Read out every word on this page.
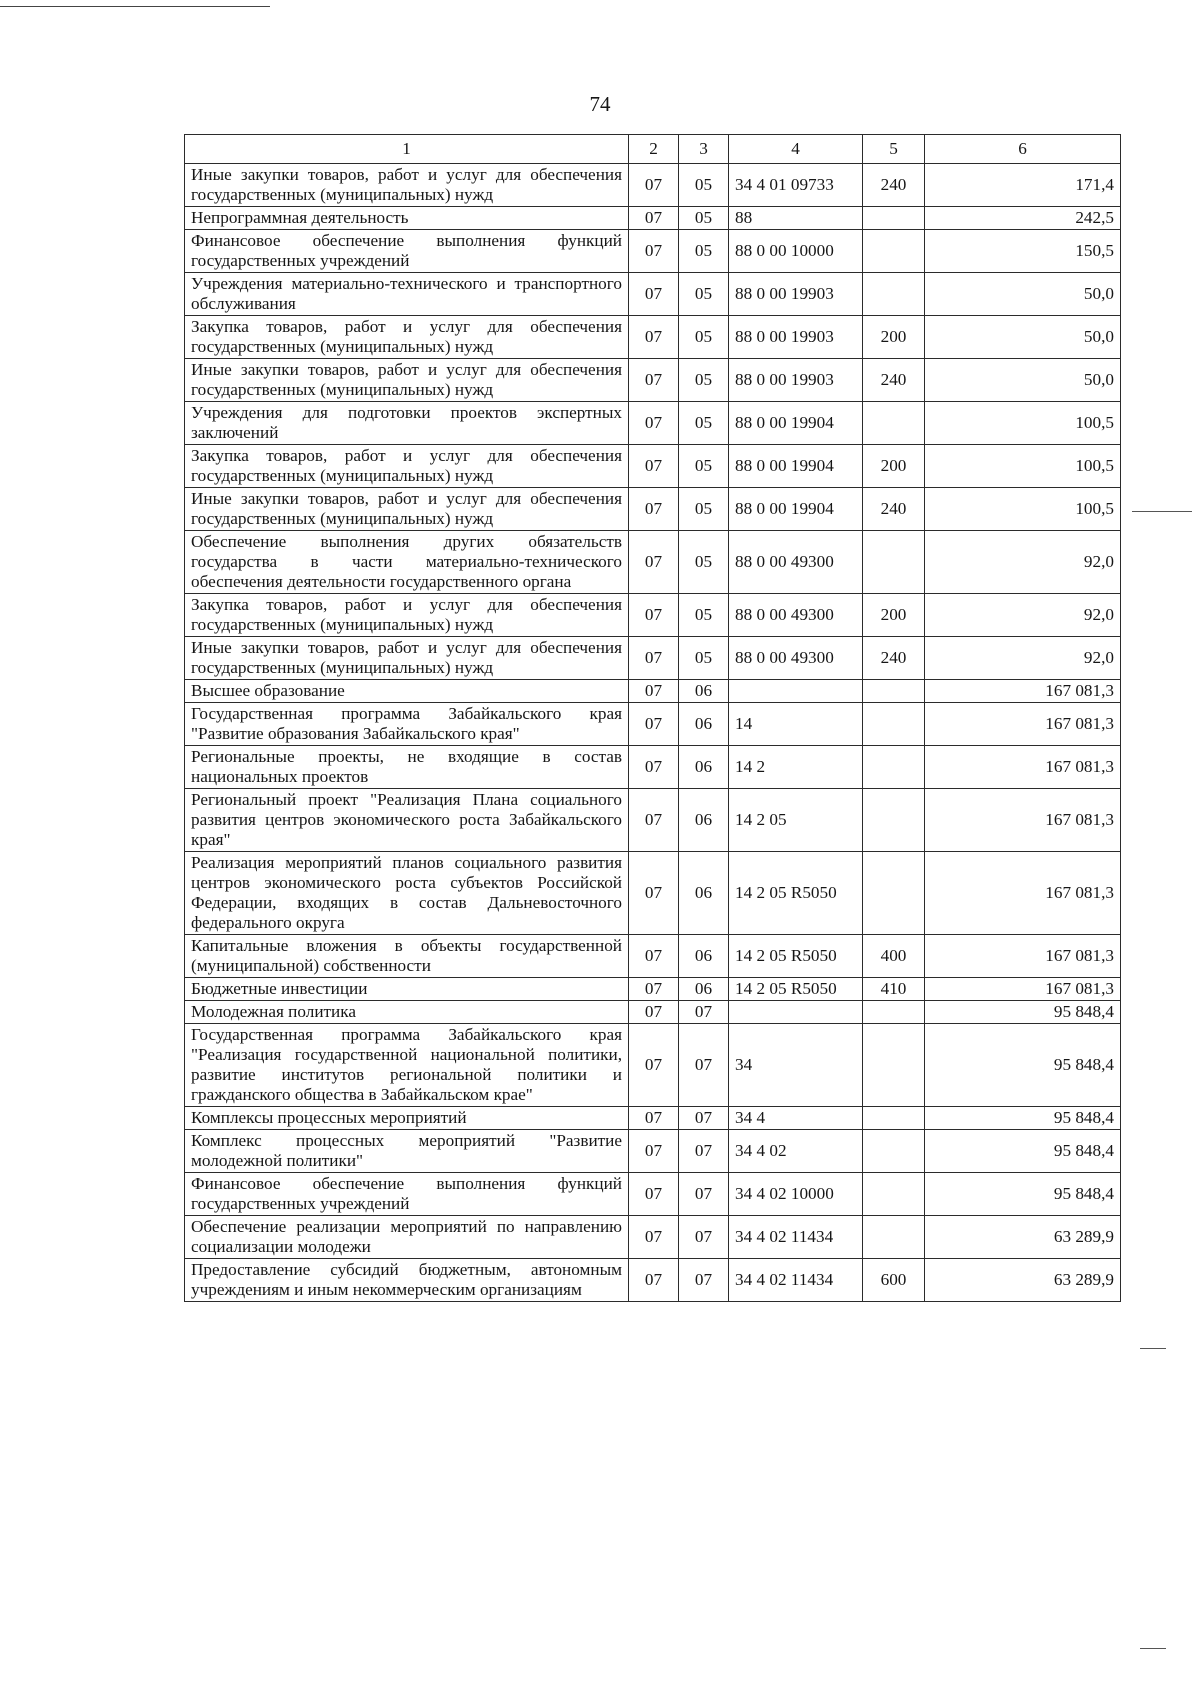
74
1	2	3	4	5	6
Иные закупки товаров, работ и услуг для обеспечения государственных (муниципальных) нужд	07	05	34 4 01 09733	240	171,4
Непрограммная деятельность	07	05	88		242,5
Финансовое обеспечение выполнения функций государственных учреждений	07	05	88 0 00 10000		150,5
Учреждения материально-технического и транспортного обслуживания	07	05	88 0 00 19903		50,0
Закупка товаров, работ и услуг для обеспечения государственных (муниципальных) нужд	07	05	88 0 00 19903	200	50,0
Иные закупки товаров, работ и услуг для обеспечения государственных (муниципальных) нужд	07	05	88 0 00 19903	240	50,0
Учреждения для подготовки проектов экспертных заключений	07	05	88 0 00 19904		100,5
Закупка товаров, работ и услуг для обеспечения государственных (муниципальных) нужд	07	05	88 0 00 19904	200	100,5
Иные закупки товаров, работ и услуг для обеспечения государственных (муниципальных) нужд	07	05	88 0 00 19904	240	100,5
Обеспечение выполнения других обязательств государства в части материально-технического обеспечения деятельности государственного органа	07	05	88 0 00 49300		92,0
Закупка товаров, работ и услуг для обеспечения государственных (муниципальных) нужд	07	05	88 0 00 49300	200	92,0
Иные закупки товаров, работ и услуг для обеспечения государственных (муниципальных) нужд	07	05	88 0 00 49300	240	92,0
Высшее образование	07	06			167 081,3
Государственная программа Забайкальского края "Развитие образования Забайкальского края"	07	06	14		167 081,3
Региональные проекты, не входящие в состав национальных проектов	07	06	14 2		167 081,3
Региональный проект "Реализация Плана социального развития центров экономического роста Забайкальского края"	07	06	14 2 05		167 081,3
Реализация мероприятий планов социального развития центров экономического роста субъектов Российской Федерации, входящих в состав Дальневосточного федерального округа	07	06	14 2 05 R5050		167 081,3
Капитальные вложения в объекты государственной (муниципальной) собственности	07	06	14 2 05 R5050	400	167 081,3
Бюджетные инвестиции	07	06	14 2 05 R5050	410	167 081,3
Молодежная политика	07	07			95 848,4
Государственная программа Забайкальского края "Реализация государственной национальной политики, развитие институтов региональной политики и гражданского общества в Забайкальском крае"	07	07	34		95 848,4
Комплексы процессных мероприятий	07	07	34 4		95 848,4
Комплекс процессных мероприятий "Развитие молодежной политики"	07	07	34 4 02		95 848,4
Финансовое обеспечение выполнения функций государственных учреждений	07	07	34 4 02 10000		95 848,4
Обеспечение реализации мероприятий по направлению социализации молодежи	07	07	34 4 02 11434		63 289,9
Предоставление субсидий бюджетным, автономным учреждениям и иным некоммерческим организациям	07	07	34 4 02 11434	600	63 289,9
